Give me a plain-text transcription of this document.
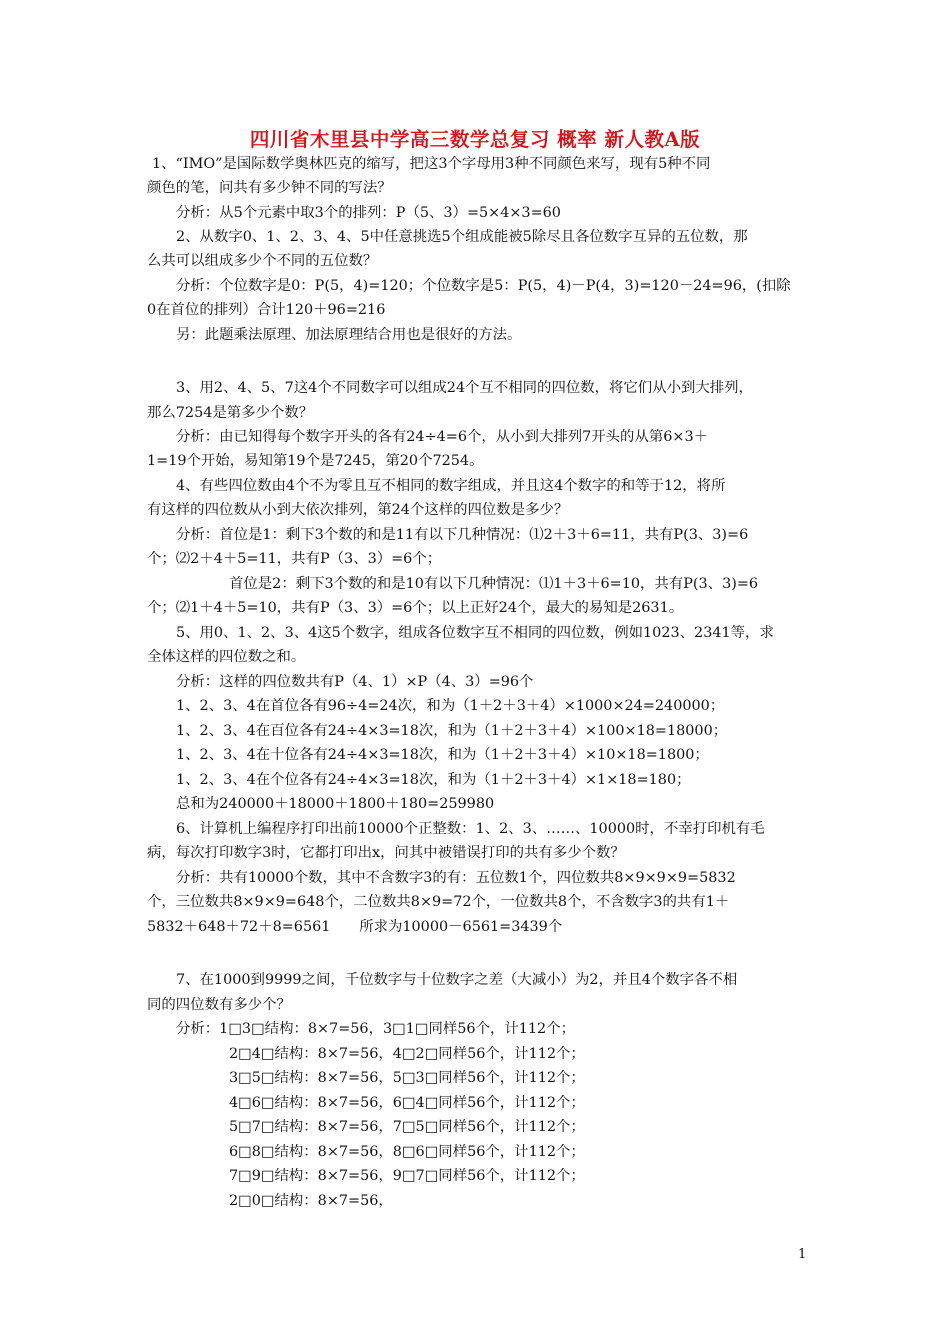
四川省木里县中学高三数学总复习 概率 新人教A版
1、“IMO”是国际数学奥林匹克的缩写，把这3个字母用3种不同颜色来写，现有5种不同
颜色的笔，问共有多少钟不同的写法？
分析：从5个元素中取3个的排列：P（5、3）=5×4×3=60
2、从数字0、1、2、3、4、5中任意挑选5个组成能被5除尽且各位数字互异的五位数，那
么共可以组成多少个不同的五位数？
分析：个位数字是0：P(5，4)=120；个位数字是5：P(5，4)－P(4，3)=120－24=96，(扣除
0在首位的排列）合计120＋96=216
另：此题乘法原理、加法原理结合用也是很好的方法。
3、用2、4、5、7这4个不同数字可以组成24个互不相同的四位数，将它们从小到大排列，
那么7254是第多少个数？
分析：由已知得每个数字开头的各有24÷4=6个，从小到大排列7开头的从第6×3＋
1=19个开始，易知第19个是7245，第20个7254。
4、有些四位数由4个不为零且互不相同的数字组成，并且这4个数字的和等于12，将所
有这样的四位数从小到大依次排列，第24个这样的四位数是多少？
分析：首位是1：剩下3个数的和是11有以下几种情况：⑴2＋3＋6=11，共有P(3、3)=6
个；⑵2＋4＋5=11，共有P（3、3）=6个；
首位是2：剩下3个数的和是10有以下几种情况：⑴1＋3＋6=10，共有P(3、3)=6
个；⑵1＋4＋5=10，共有P（3、3）=6个；以上正好24个，最大的易知是2631。
5、用0、1、2、3、4这5个数字，组成各位数字互不相同的四位数，例如1023、2341等，求
全体这样的四位数之和。
分析：这样的四位数共有P（4、1）×P（4、3）=96个
1、2、3、4在首位各有96÷4=24次，和为（1＋2＋3＋4）×1000×24=240000；
1、2、3、4在百位各有24÷4×3=18次，和为（1＋2＋3＋4）×100×18=18000；
1、2、3、4在十位各有24÷4×3=18次，和为（1＋2＋3＋4）×10×18=1800；
1、2、3、4在个位各有24÷4×3=18次，和为（1＋2＋3＋4）×1×18=180；
总和为240000＋18000＋1800＋180=259980
6、计算机上编程序打印出前10000个正整数：1、2、3、……、10000时，不幸打印机有毛
病，每次打印数字3时，它都打印出x，问其中被错误打印的共有多少个数？
分析：共有10000个数，其中不含数字3的有：五位数1个，四位数共8×9×9×9=5832
个，三位数共8×9×9=648个，二位数共8×9=72个，一位数共8个，不含数字3的共有1＋
5832＋648＋72＋8=6561　　所求为10000－6561=3439个
7、在1000到9999之间，千位数字与十位数字之差（大减小）为2，并且4个数字各不相
同的四位数有多少个？
分析：1□3□结构：8×7=56，3□1□同样56个，计112个；
2□4□结构：8×7=56，4□2□同样56个，计112个；
3□5□结构：8×7=56，5□3□同样56个，计112个；
4□6□结构：8×7=56，6□4□同样56个，计112个；
5□7□结构：8×7=56，7□5□同样56个，计112个；
6□8□结构：8×7=56，8□6□同样56个，计112个；
7□9□结构：8×7=56，9□7□同样56个，计112个；
2□0□结构：8×7=56，
1
